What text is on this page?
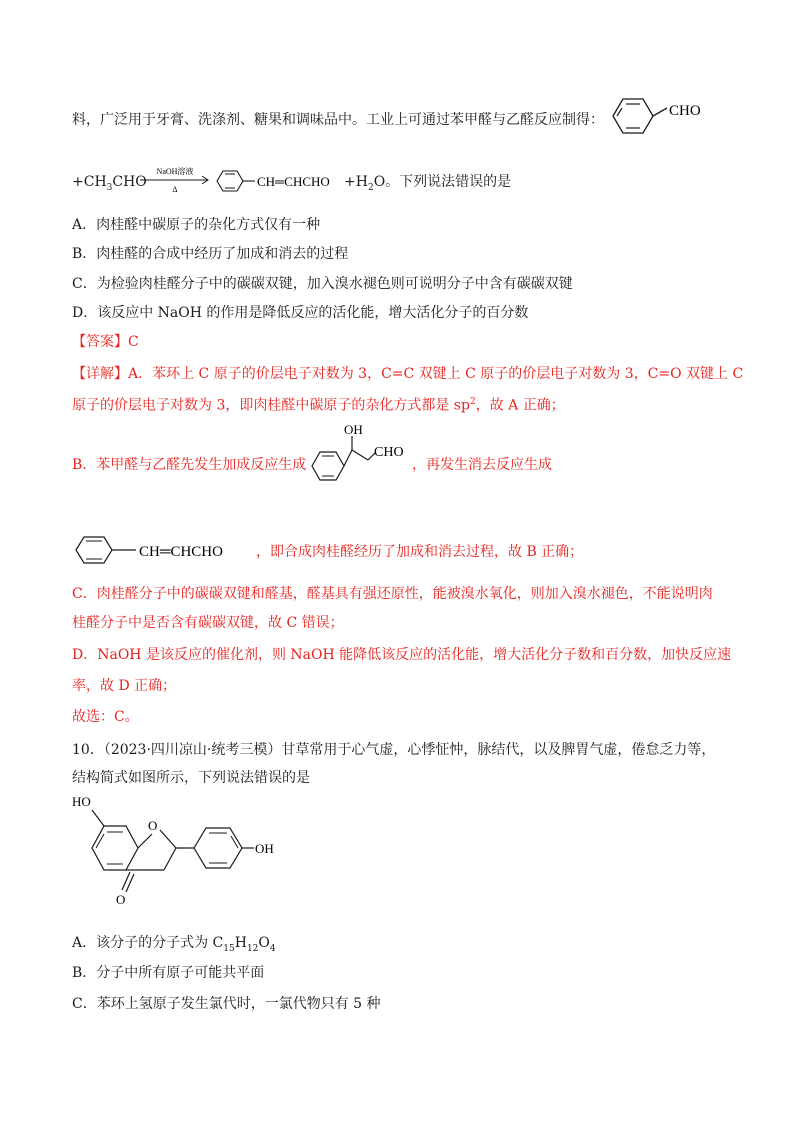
料，广泛用于牙膏、洗涤剂、糖果和调味品中。工业上可通过苯甲醛与乙醛反应制得：
CHO
$+CH_3CHO$
NaOH溶液
Δ
CH═CHCHO $+H_2O$。下列说法错误的是
A．肉桂醛中碳原子的杂化方式仅有一种
B．肉桂醛的合成中经历了加成和消去的过程
C．为检验肉桂醛分子中的碳碳双键，加入溴水褪色则可说明分子中含有碳碳双键
D．该反应中 NaOH 的作用是降低反应的活化能，增大活化分子的百分数
【答案】C
【详解】A．苯环上 C 原子的价层电子对数为 3，C=C 双键上 C 原子的价层电子对数为 3，C=O 双键上 C
原子的价层电子对数为 3，即肉桂醛中碳原子的杂化方式都是 $sp^2$，故 A 正确；
B．苯甲醛与乙醛先发生加成反应生成
OH
CHO
，再发生消去反应生成
CH═CHCHO ，即合成肉桂醛经历了加成和消去过程，故 B 正确；
C．肉桂醛分子中的碳碳双键和醛基，醛基具有强还原性，能被溴水氧化，则加入溴水褪色，不能说明肉
桂醛分子中是否含有碳碳双键，故 C 错误；
D．NaOH 是该反应的催化剂，则 NaOH 能降低该反应的活化能，增大活化分子数和百分数，加快反应速
率，故 D 正确；
故选：C。
10．（2023·四川凉山·统考三模）甘草常用于心气虚，心悸怔忡，脉结代，以及脾胃气虚，倦怠乏力等，
结构简式如图所示，下列说法错误的是
HO
O
O
OH
A．该分子的分子式为 $C_{15}H_{12}O_4$
B．分子中所有原子可能共平面
C．苯环上氢原子发生氯代时，一氯代物只有 5 种
